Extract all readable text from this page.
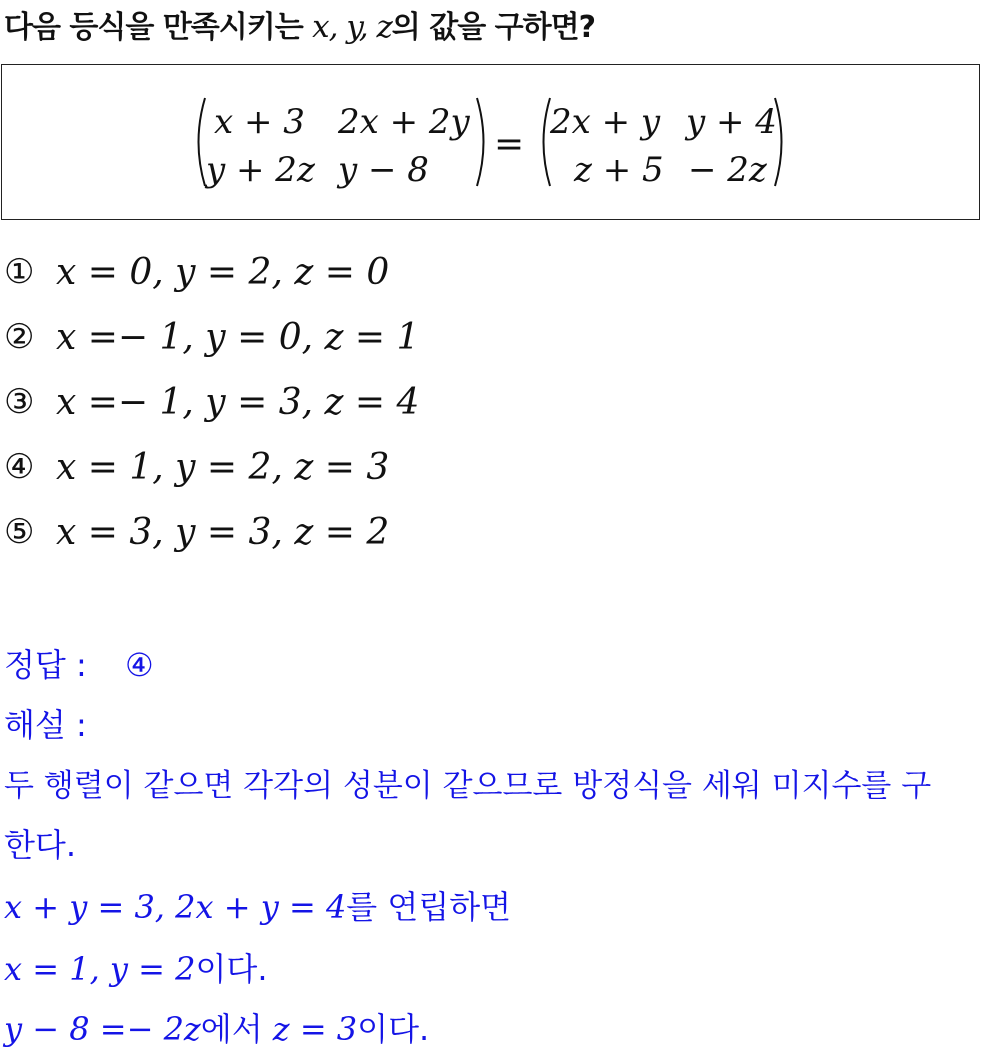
다음 등식을 만족시키는 x, y, z의 값을 구하면?
x + 3 2x + 2y
y + 2z y − 8
=
2x + y y + 4
z + 5 − 2z
① x = 0, y = 2, z = 0
② x =− 1, y = 0, z = 1
③ x =− 1, y = 3, z = 4
④ x = 1, y = 2, z = 3
⑤ x = 3, y = 3, z = 2
정답 : ④
해설 :
두 행렬이 같으면 각각의 성분이 같으므로 방정식을 세워 미지수를 구
한다.
x + y = 3, 2x + y = 4를 연립하면
x = 1, y = 2이다.
y − 8 =− 2z에서 z = 3이다.
